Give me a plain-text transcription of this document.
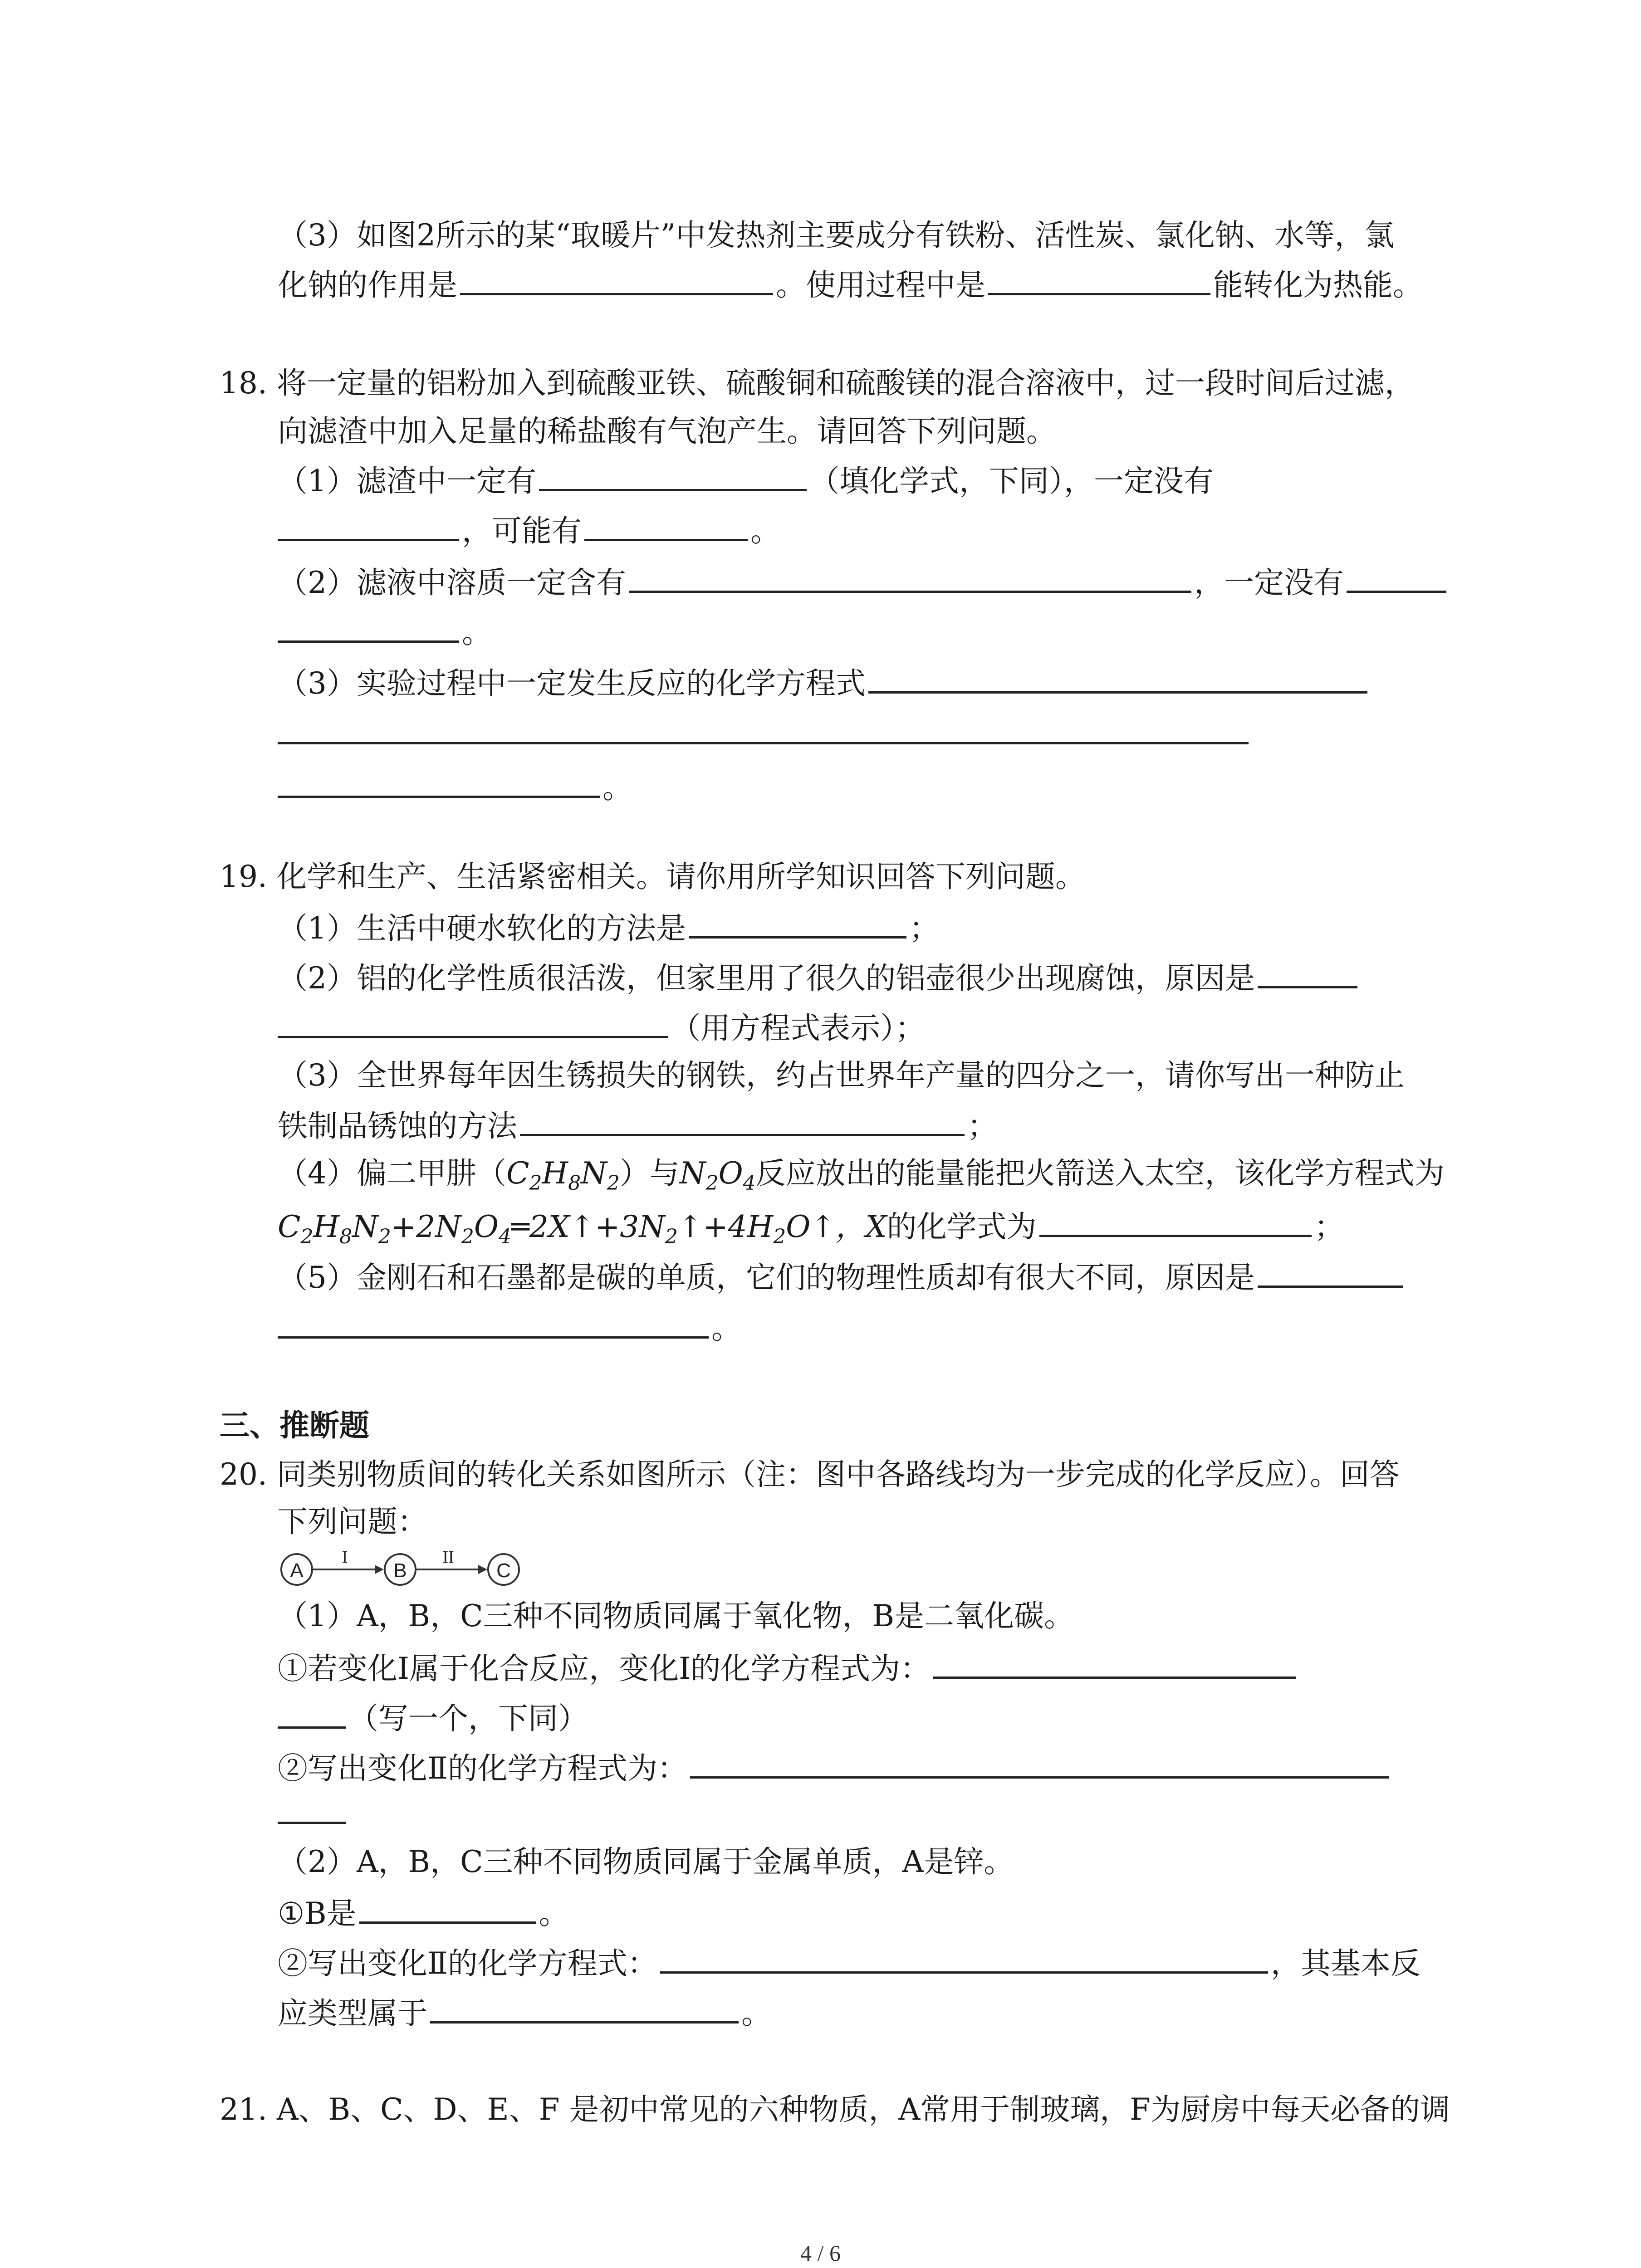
（3）如图2所示的某“取暖片”中发热剂主要成分有铁粉、活性炭、氯化钠、水等，氯
化钠的作用是	。使用过程中是	能转化为热能。
18. 将一定量的铝粉加入到硫酸亚铁、硫酸铜和硫酸镁的混合溶液中，过一段时间后过滤，
向滤渣中加入足量的稀盐酸有气泡产生。请回答下列问题。
（1）滤渣中一定有	（填化学式，下同），一定没有
，可能有	。
（2）滤液中溶质一定含有	，一定没有
。
（3）实验过程中一定发生反应的化学方程式
。
19. 化学和生产、生活紧密相关。请你用所学知识回答下列问题。
（1）生活中硬水软化的方法是	；
（2）铝的化学性质很活泼，但家里用了很久的铝壶很少出现腐蚀，原因是
（用方程式表示）；
（3）全世界每年因生锈损失的钢铁，约占世界年产量的四分之一，请你写出一种防止
铁制品锈蚀的方法	；
（4）偏二甲肼$(C_2H_8N_2)$与$N_2O_4$反应放出的能量能把火箭送入太空，该化学方程式为
$C_2H_8N_2+2N_2O_4═2X↑+3N_2↑+4H_2O↑$，X的化学式为	；
（5）金刚石和石墨都是碳的单质，它们的物理性质却有很大不同，原因是
。
三、推断题
20. 同类别物质间的转化关系如图所示（注：图中各路线均为一步完成的化学反应）。回答
下列问题：
A
I
B
II
C
（1）A，B，C三种不同物质同属于氧化物，B是二氧化碳。
①若变化Ⅰ属于化合反应，变化Ⅰ的化学方程式为：
（写一个，下同）
②写出变化Ⅱ的化学方程式为：
（2）A，B，C三种不同物质同属于金属单质，A是锌。
①B是	。
②写出变化Ⅱ的化学方程式：	，其基本反
应类型属于	。
21. A、B、C、D、E、F 是初中常见的六种物质，A常用于制玻璃，F为厨房中每天必备的调
4 / 6
